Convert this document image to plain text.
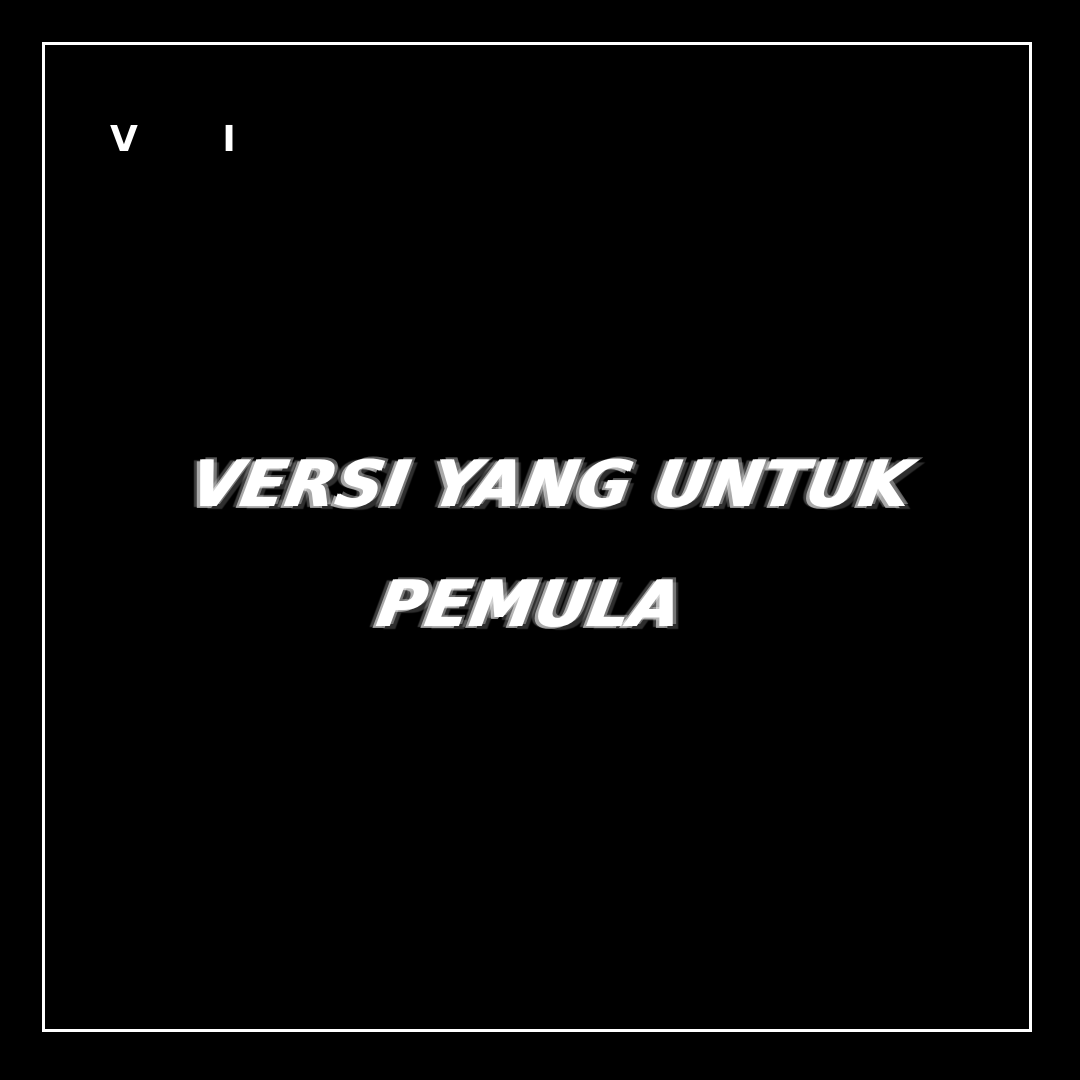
V I
VERSI YANG UNTUK
PEMULA
